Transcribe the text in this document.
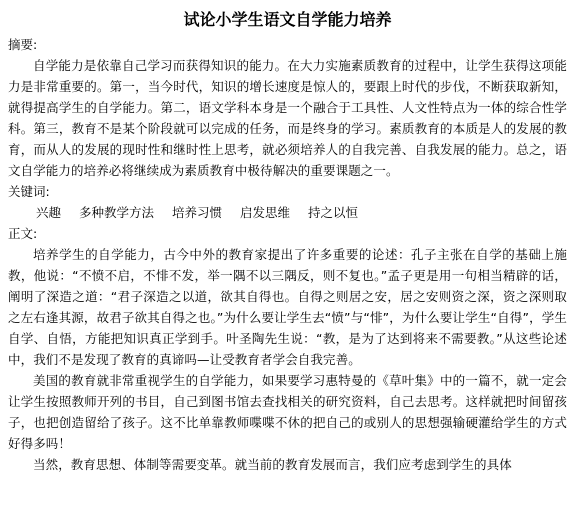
试论小学生语文自学能力培养

摘要:

自学能力是依靠自己学习而获得知识的能力。在大力实施素质教育的过程中，让学生获得这项能力是非常重要的。第一，当今时代，知识的增长速度是惊人的，要跟上时代的步伐，不断获取新知，就得提高学生的自学能力。第二，语文学科本身是一个融合于工具性、人文性特点为一体的综合性学科。第三，教育不是某个阶段就可以完成的任务，而是终身的学习。素质教育的本质是人的发展的教育，而从人的发展的现时性和继时性上思考，就必须培养人的自我完善、自我发展的能力。总之，语文自学能力的培养必将继续成为素质教育中极待解决的重要课题之一。

关键词:

兴趣 多种教学方法 培养习惯 启发思维 持之以恒

正文:

培养学生的自学能力，古今中外的教育家提出了许多重要的论述：孔子主张在自学的基础上施教，他说：“不愤不启，不悱不发，举一隅不以三隅反，则不复也。”孟子更是用一句相当精辟的话，阐明了深造之道：“君子深造之以道，欲其自得也。自得之则居之安，居之安则资之深，资之深则取之左右逢其源，故君子欲其自得之也。”为什么要让学生去“愤”与“悱”，为什么要让学生“自得”，学生自学、自悟，方能把知识真正学到手。叶圣陶先生说：“教，是为了达到将来不需要教。”从这些论述中，我们不是发现了教育的真谛吗—让受教育者学会自我完善。

美国的教育就非常重视学生的自学能力，如果要学习惠特曼的《草叶集》中的一篇不，就一定会让学生按照教师开列的书目，自己到图书馆去查找相关的研究资料，自己去思考。这样就把时间留孩子，也把创造留给了孩子。这不比单靠教师喋喋不休的把自己的或别人的思想强输硬灌给学生的方式好得多吗！

当然，教育思想、体制等需要变革。就当前的教育发展而言，我们应考虑到学生的具体
